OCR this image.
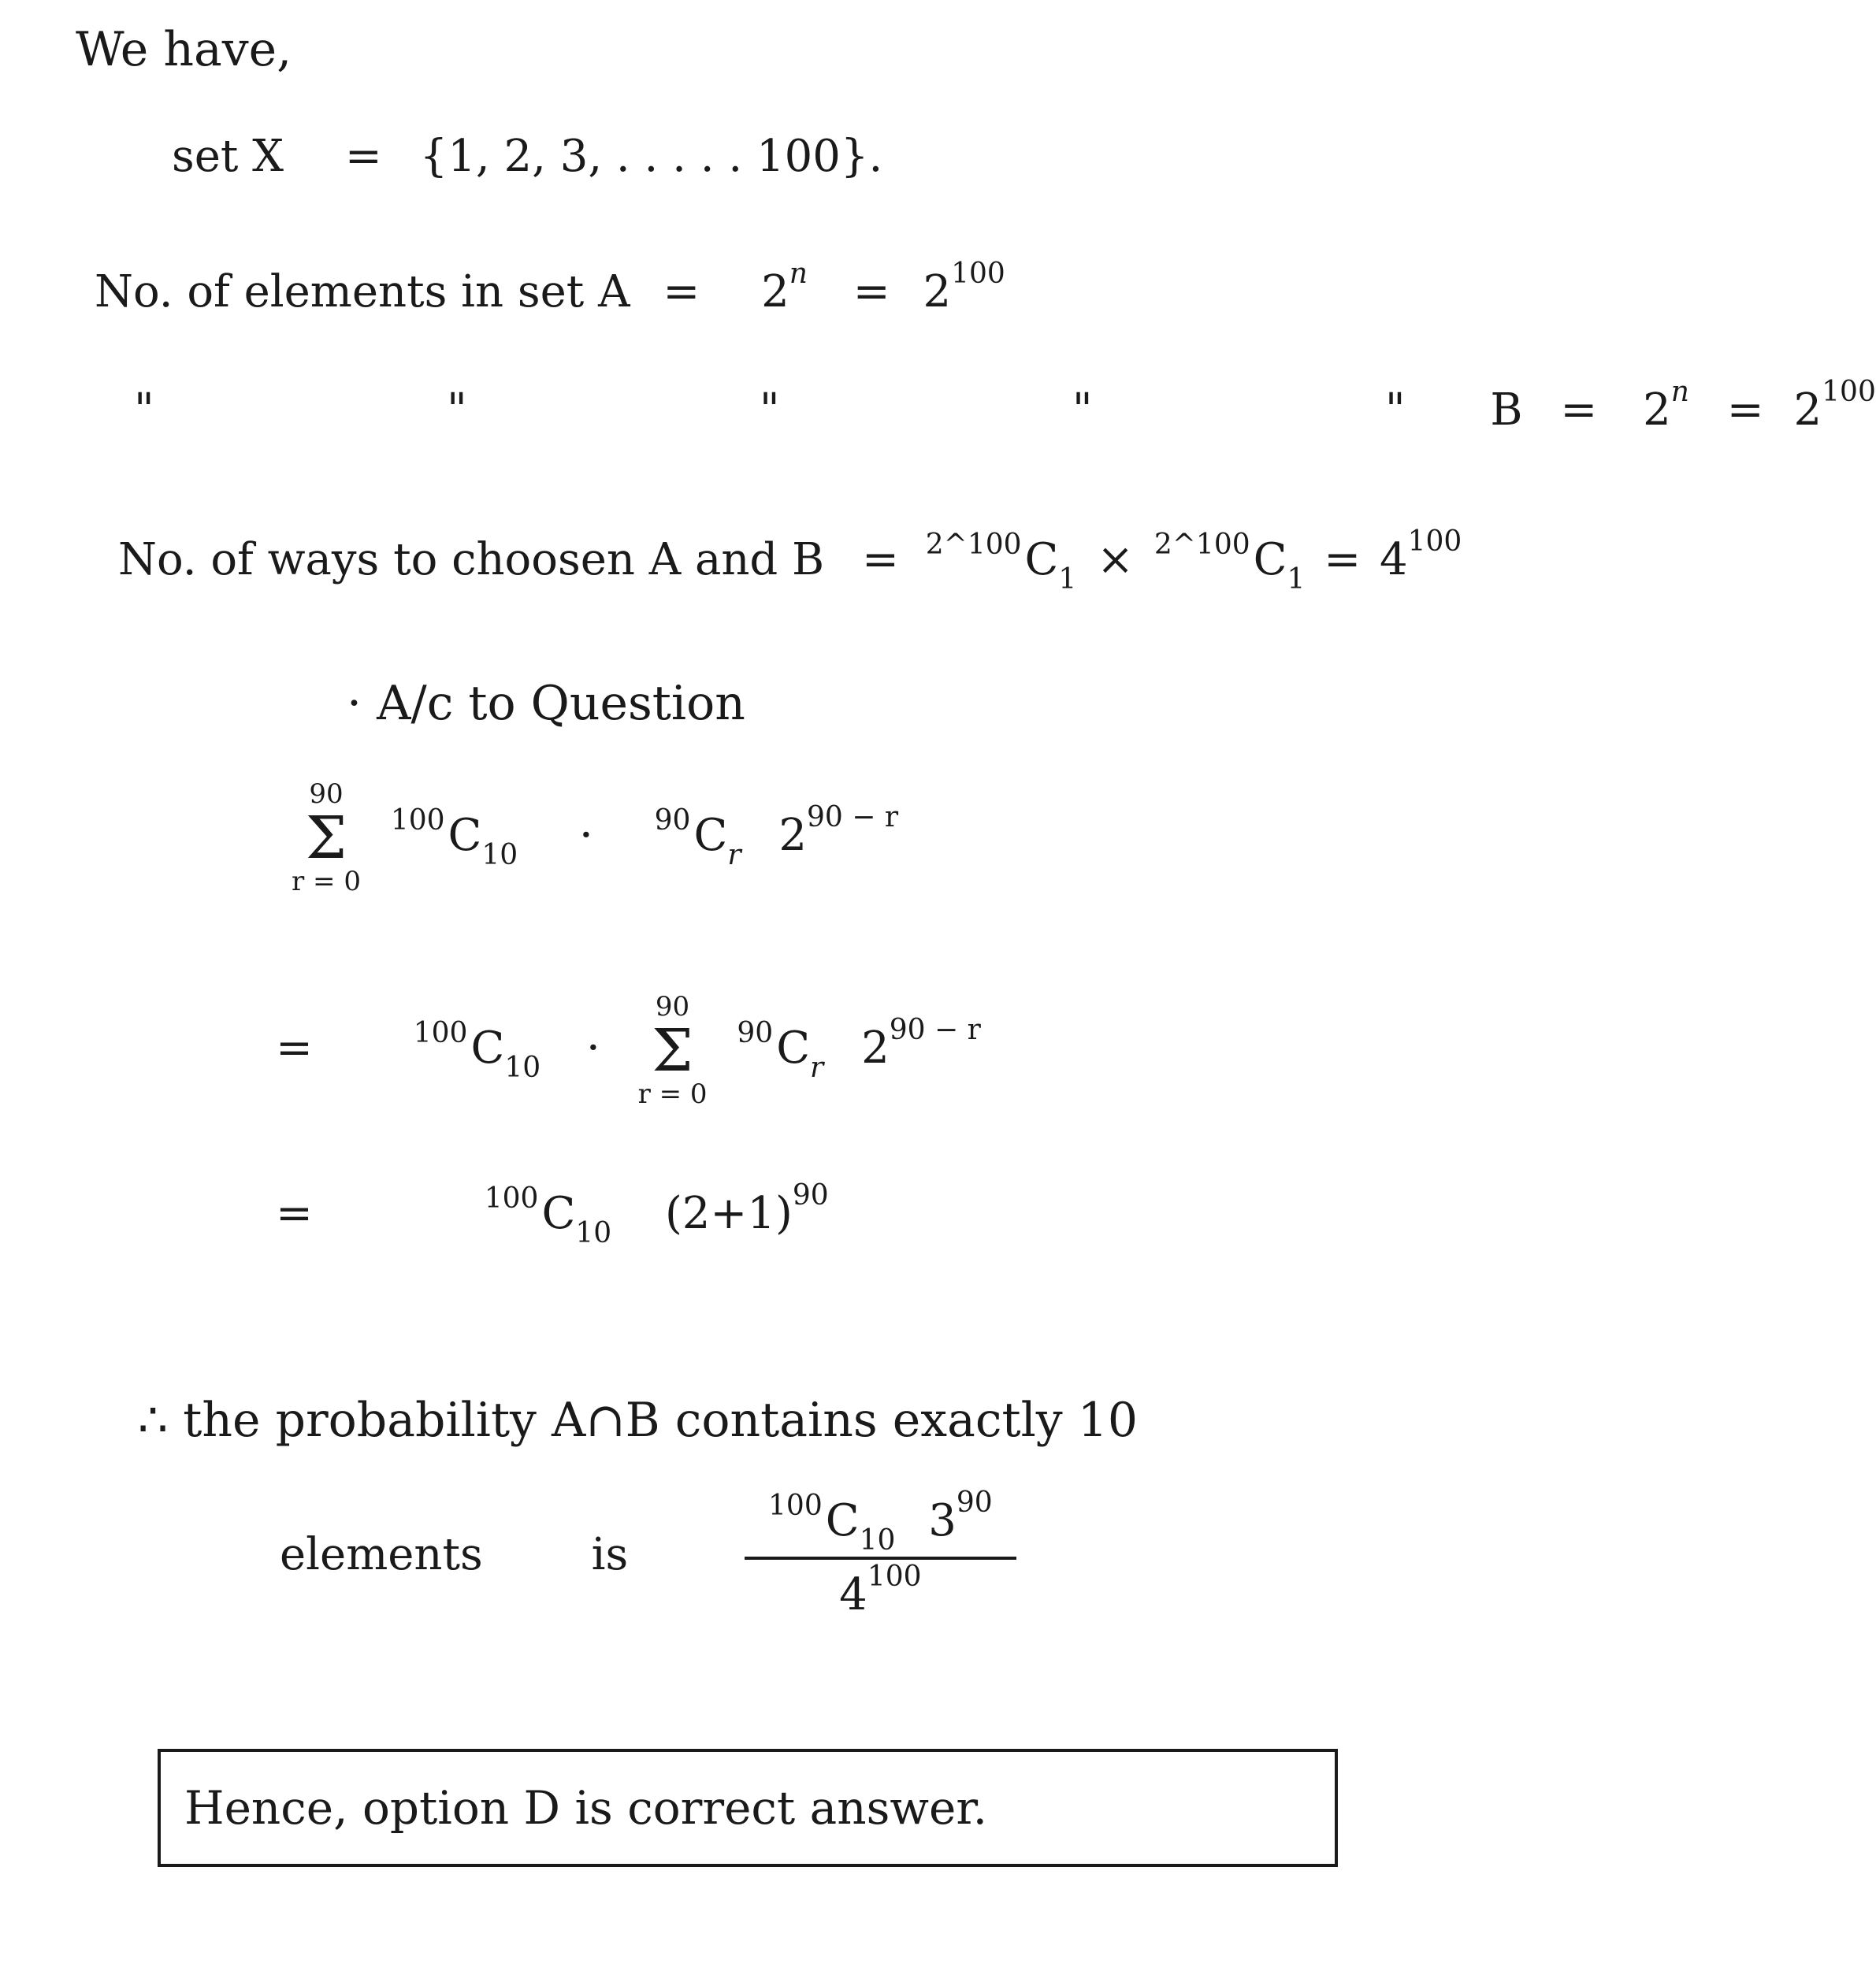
We have,
set X = {1, 2, 3, . . . . . 100}.
No. of elements in set $A = 2^n = 2^{100}$
"    "    "    "    " $B = 2^n = 2^{100}$
No. of ways to choosen A and $B = ^{2\^{}100}C_1 \times ^{2\^{}100}C_1 = 4^{100}$
· A/c to Question
90
Σ
r = 0
$^{100}C_{10} \cdot ^{90}C_r$ $2^{90 - r}$
=	$^{100}C_{10}$ ·
90
Σ
r = 0
$^{90}C_r$ $2^{90 - r}$
=	$^{100}C_{10}$ $(2+1)^{90}$
∴ the probability A∩B contains exactly 10
elements is	$\frac{^{100}C_{10} 3^{90}}{4^{100}}$
Hence, option D is correct answer.
